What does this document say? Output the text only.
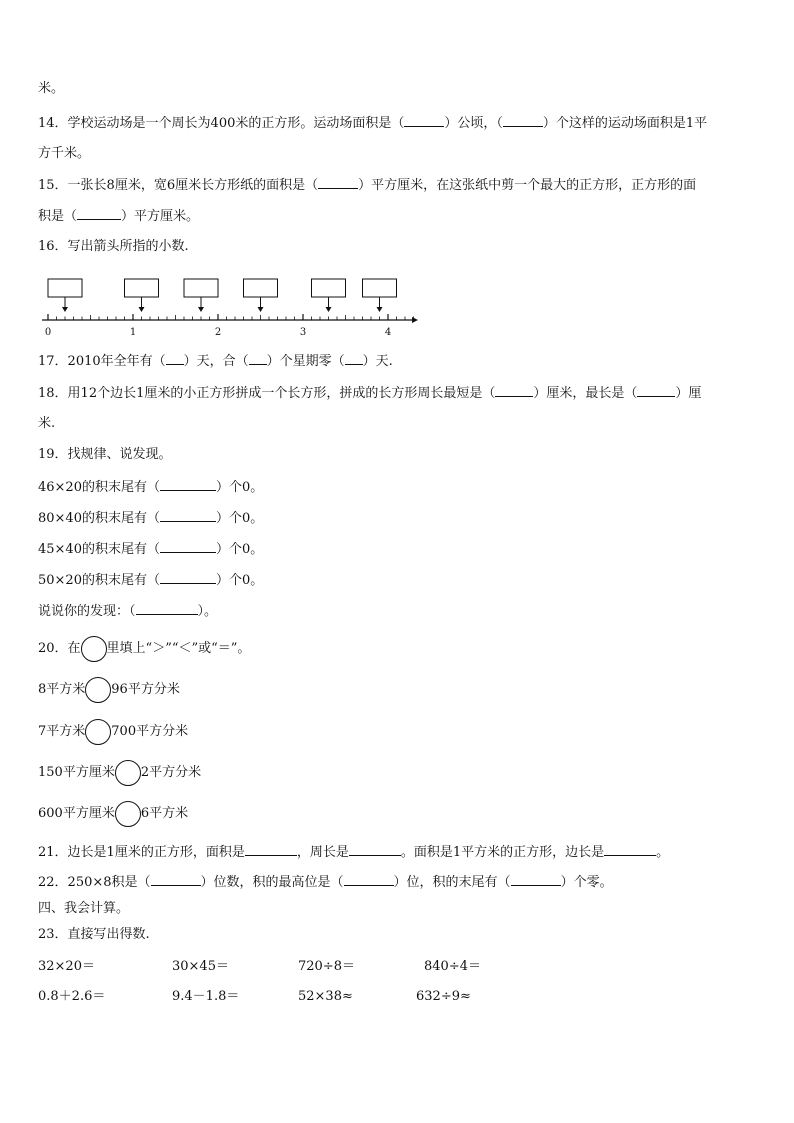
米。
14．学校运动场是一个周长为400米的正方形。运动场面积是（	）公顷，（	）个这样的运动场面积是1平
方千米。
15．一张长8厘米，宽6厘米长方形纸的面积是（	）平方厘米，在这张纸中剪一个最大的正方形，正方形的面
积是（	）平方厘米。
16．写出箭头所指的小数.
0	1	2	3	4
17．2010年全年有（ ）天，合（ ）个星期零（ ）天.
18．用12个边长1厘米的小正方形拼成一个长方形，拼成的长方形周长最短是（	）厘米，最长是（	）厘
米.
19．找规律、说发现。
46×20的积末尾有（	）个0。
80×40的积末尾有（	）个0。
45×40的积末尾有（	）个0。
50×20的积末尾有（	）个0。
说说你的发现：（	）。
20．在 里填上“＞”“＜”或“＝”。
8平方米 96平方分米
7平方米 700平方分米
150平方厘米 2平方分米
600平方厘米 6平方米
21．边长是1厘米的正方形，面积是	，周长是	。面积是1平方米的正方形，边长是	。
22．250×8积是（	）位数，积的最高位是（	）位，积的末尾有（	）个零。
四、我会计算。
23．直接写出得数.
32×20＝	30×45＝	720÷8＝	840÷4＝
0.8＋2.6＝	9.4－1.8＝	52×38≈	632÷9≈
